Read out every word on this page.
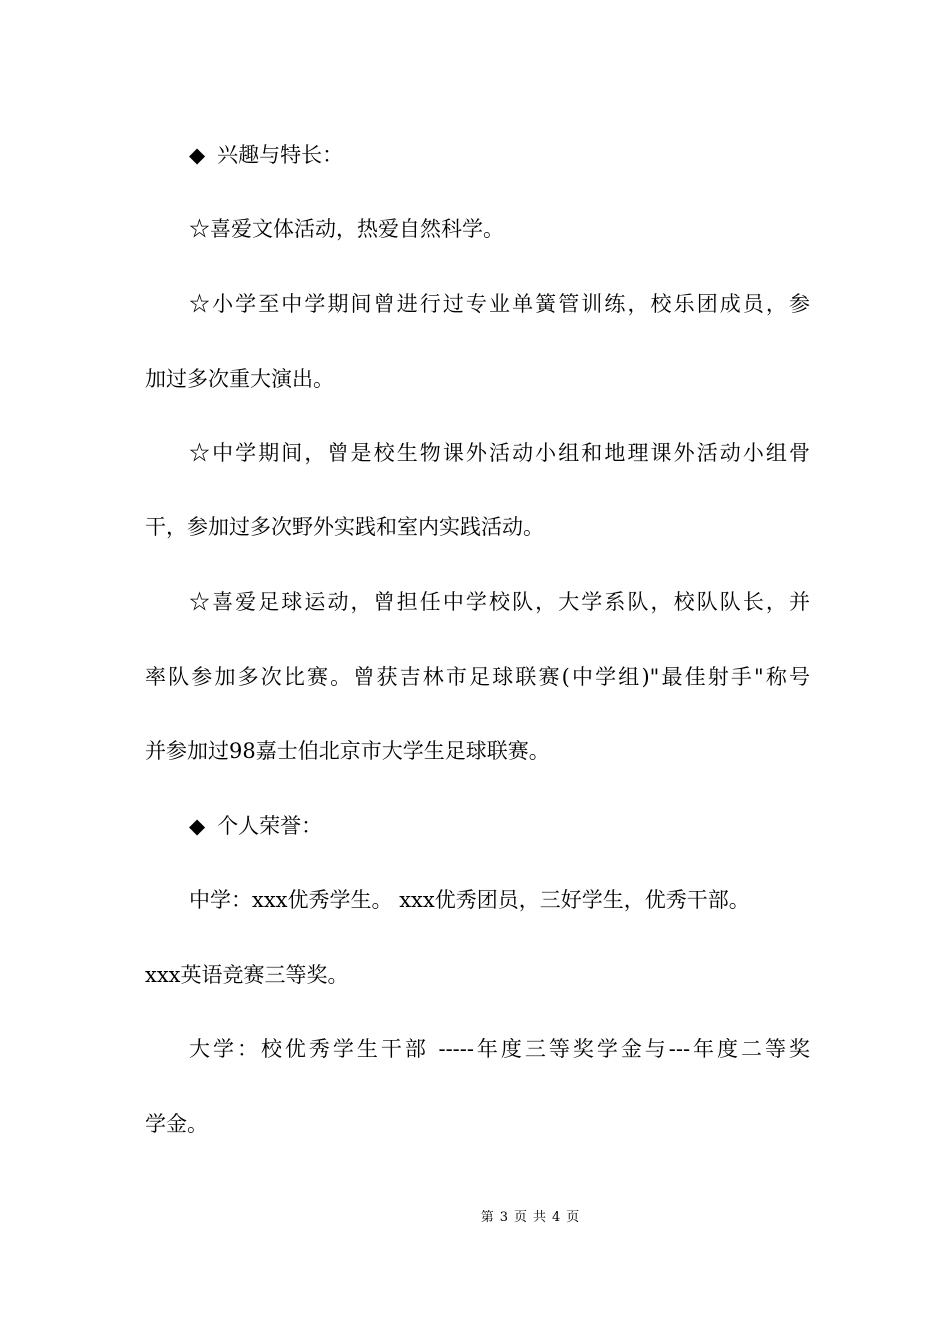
◆ 兴趣与特长：
☆喜爱文体活动，热爱自然科学。
☆小学至中学期间曾进行过专业单簧管训练，校乐团成员，参
加过多次重大演出。
☆中学期间，曾是校生物课外活动小组和地理课外活动小组骨
干，参加过多次野外实践和室内实践活动。
☆喜爱足球运动，曾担任中学校队，大学系队，校队队长，并
率队参加多次比赛。曾获吉林市足球联赛(中学组)"最佳射手"称号
并参加过98嘉士伯北京市大学生足球联赛。
◆ 个人荣誉：
中学：xxx优秀学生。 xxx优秀团员，三好学生，优秀干部。
xxx英语竞赛三等奖。
大学：校优秀学生干部 -----年度三等奖学金与---年度二等奖
学金。
第 3 页 共 4 页
